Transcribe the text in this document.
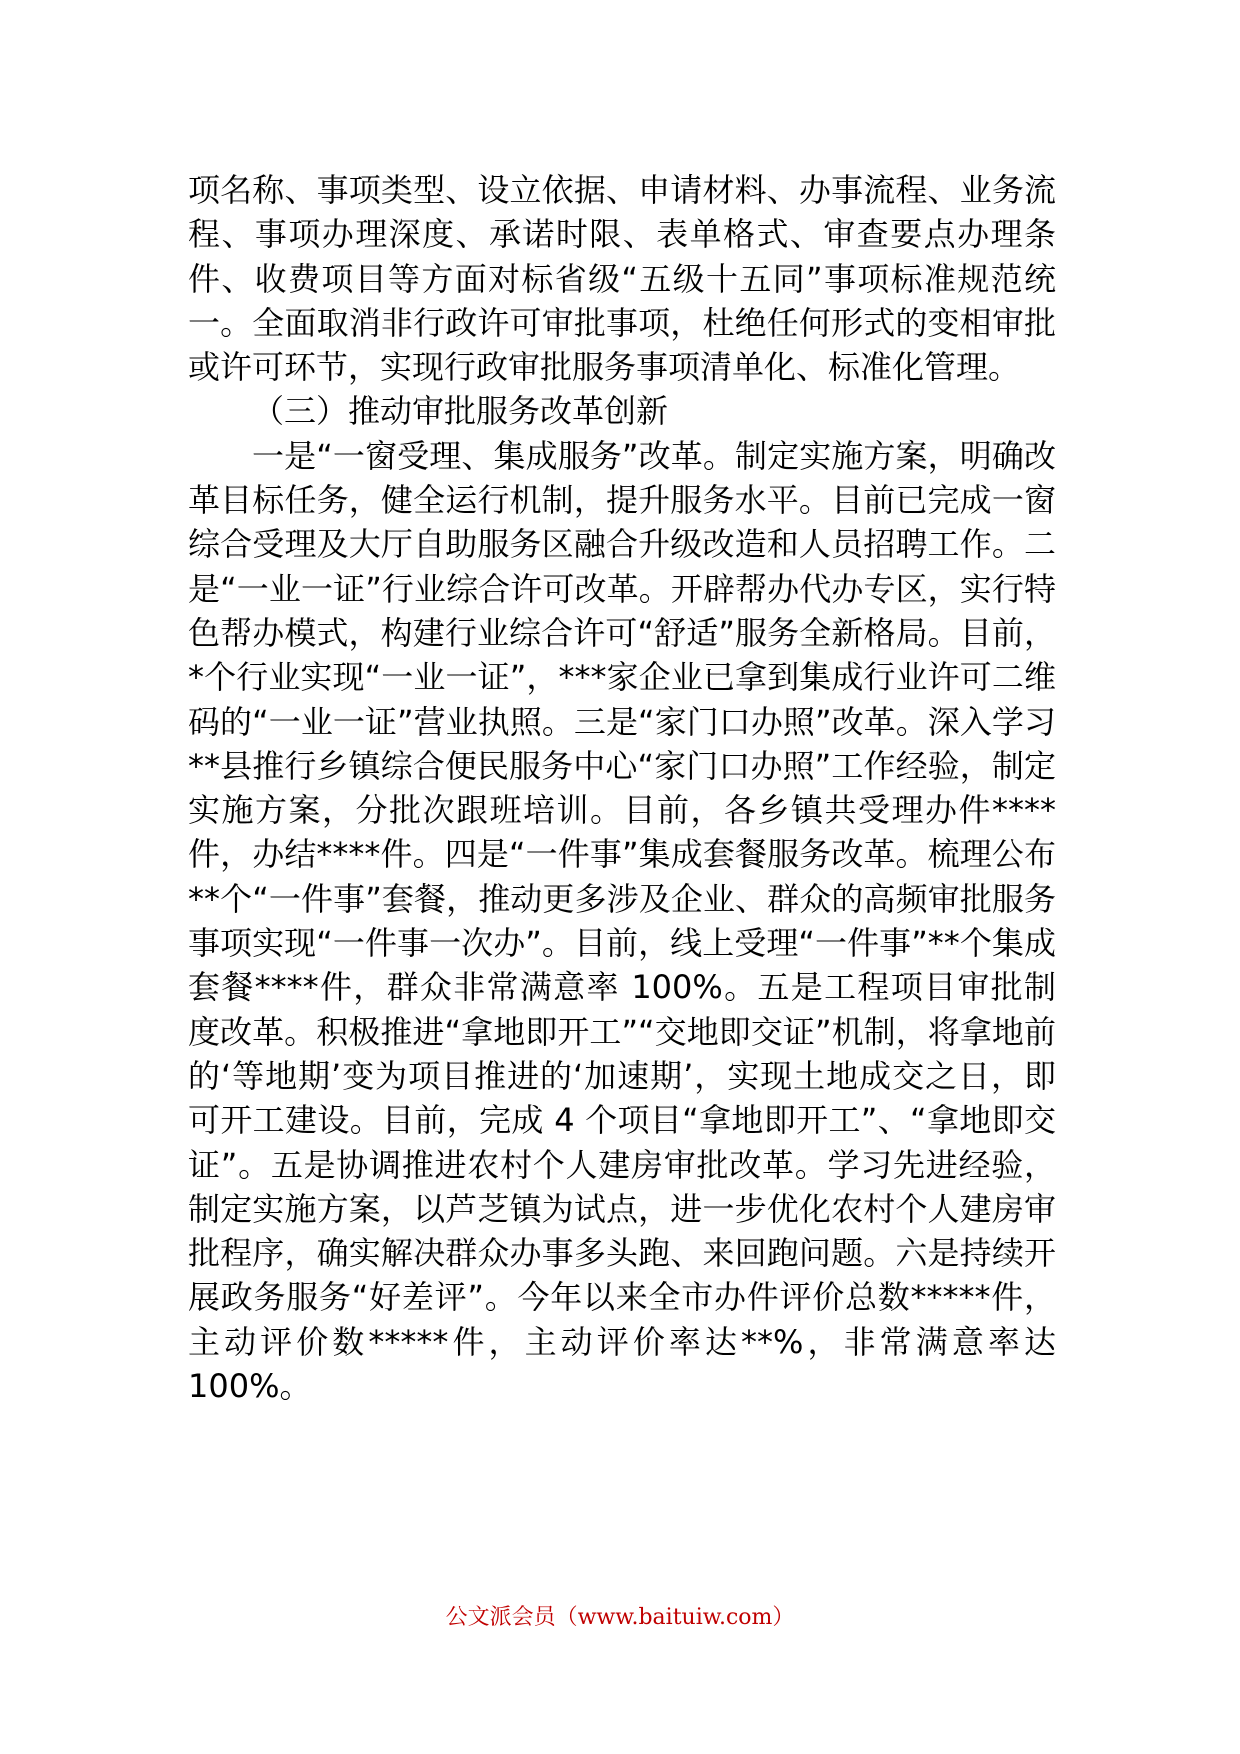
项名称、事项类型、设立依据、申请材料、办事流程、业务流程、事项办理深度、承诺时限、表单格式、审查要点办理条件、收费项目等方面对标省级“五级十五同”事项标准规范统一。全面取消非行政许可审批事项，杜绝任何形式的变相审批或许可环节，实现行政审批服务事项清单化、标准化管理。

（三）推动审批服务改革创新

一是“一窗受理、集成服务”改革。制定实施方案，明确改革目标任务，健全运行机制，提升服务水平。目前已完成一窗综合受理及大厅自助服务区融合升级改造和人员招聘工作。二是“一业一证”行业综合许可改革。开辟帮办代办专区，实行特色帮办模式，构建行业综合许可“舒适”服务全新格局。目前，*个行业实现“一业一证”，***家企业已拿到集成行业许可二维码的“一业一证”营业执照。三是“家门口办照”改革。深入学习**县推行乡镇综合便民服务中心“家门口办照”工作经验，制定实施方案，分批次跟班培训。目前，各乡镇共受理办件****件，办结****件。四是“一件事”集成套餐服务改革。梳理公布**个“一件事”套餐，推动更多涉及企业、群众的高频审批服务事项实现“一件事一次办”。目前，线上受理“一件事”**个集成套餐****件，群众非常满意率 100%。五是工程项目审批制度改革。积极推进“拿地即开工”“交地即交证”机制，将拿地前的‘等地期’变为项目推进的‘加速期’，实现土地成交之日，即可开工建设。目前，完成 4 个项目“拿地即开工”、“拿地即交证”。五是协调推进农村个人建房审批改革。学习先进经验，制定实施方案，以芦芝镇为试点，进一步优化农村个人建房审批程序，确实解决群众办事多头跑、来回跑问题。六是持续开展政务服务“好差评”。今年以来全市办件评价总数*****件，主动评价数*****件，主动评价率达**%，非常满意率达 100%。

公文派会员（www.baituiw.com）
